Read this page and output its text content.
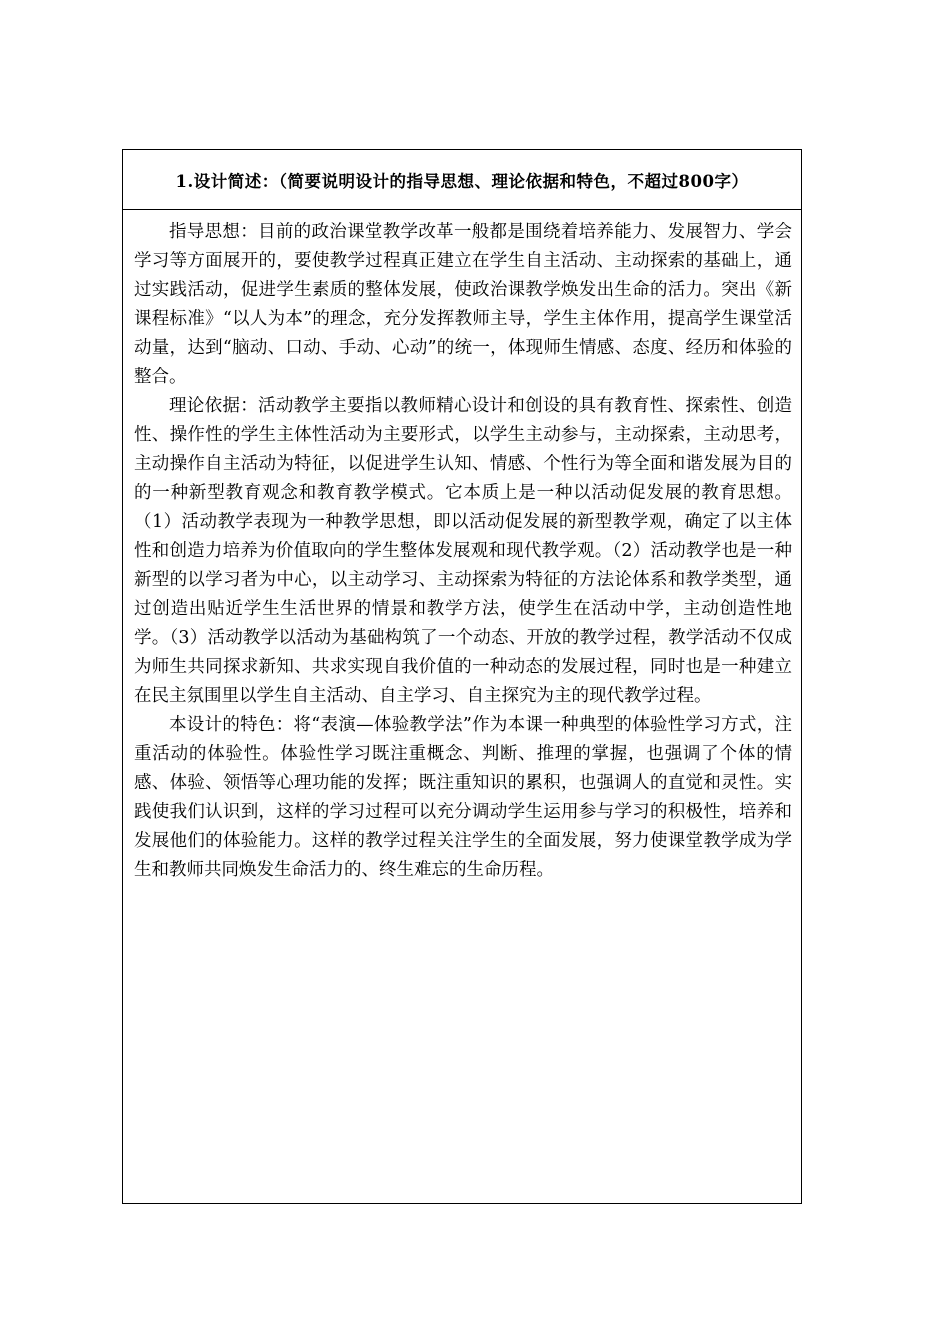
1.设计简述：（简要说明设计的指导思想、理论依据和特色，不超过800字）

指导思想：目前的政治课堂教学改革一般都是围绕着培养能力、发展智力、学会学习等方面展开的，要使教学过程真正建立在学生自主活动、主动探索的基础上，通过实践活动，促进学生素质的整体发展，使政治课教学焕发出生命的活力。突出《新课程标准》“以人为本”的理念，充分发挥教师主导，学生主体作用，提高学生课堂活动量，达到“脑动、口动、手动、心动”的统一，体现师生情感、态度、经历和体验的整合。

理论依据：活动教学主要指以教师精心设计和创设的具有教育性、探索性、创造性、操作性的学生主体性活动为主要形式，以学生主动参与，主动探索，主动思考，主动操作自主活动为特征，以促进学生认知、情感、个性行为等全面和谐发展为目的的一种新型教育观念和教育教学模式。它本质上是一种以活动促发展的教育思想。（1）活动教学表现为一种教学思想，即以活动促发展的新型教学观，确定了以主体性和创造力培养为价值取向的学生整体发展观和现代教学观。（2）活动教学也是一种新型的以学习者为中心，以主动学习、主动探索为特征的方法论体系和教学类型，通过创造出贴近学生生活世界的情景和教学方法，使学生在活动中学，主动创造性地学。（3）活动教学以活动为基础构筑了一个动态、开放的教学过程，教学活动不仅成为师生共同探求新知、共求实现自我价值的一种动态的发展过程，同时也是一种建立在民主氛围里以学生自主活动、自主学习、自主探究为主的现代教学过程。

本设计的特色：将“表演—体验教学法”作为本课一种典型的体验性学习方式，注重活动的体验性。体验性学习既注重概念、判断、推理的掌握，也强调了个体的情感、体验、领悟等心理功能的发挥；既注重知识的累积，也强调人的直觉和灵性。实践使我们认识到，这样的学习过程可以充分调动学生运用参与学习的积极性，培养和发展他们的体验能力。这样的教学过程关注学生的全面发展，努力使课堂教学成为学生和教师共同焕发生命活力的、终生难忘的生命历程。
